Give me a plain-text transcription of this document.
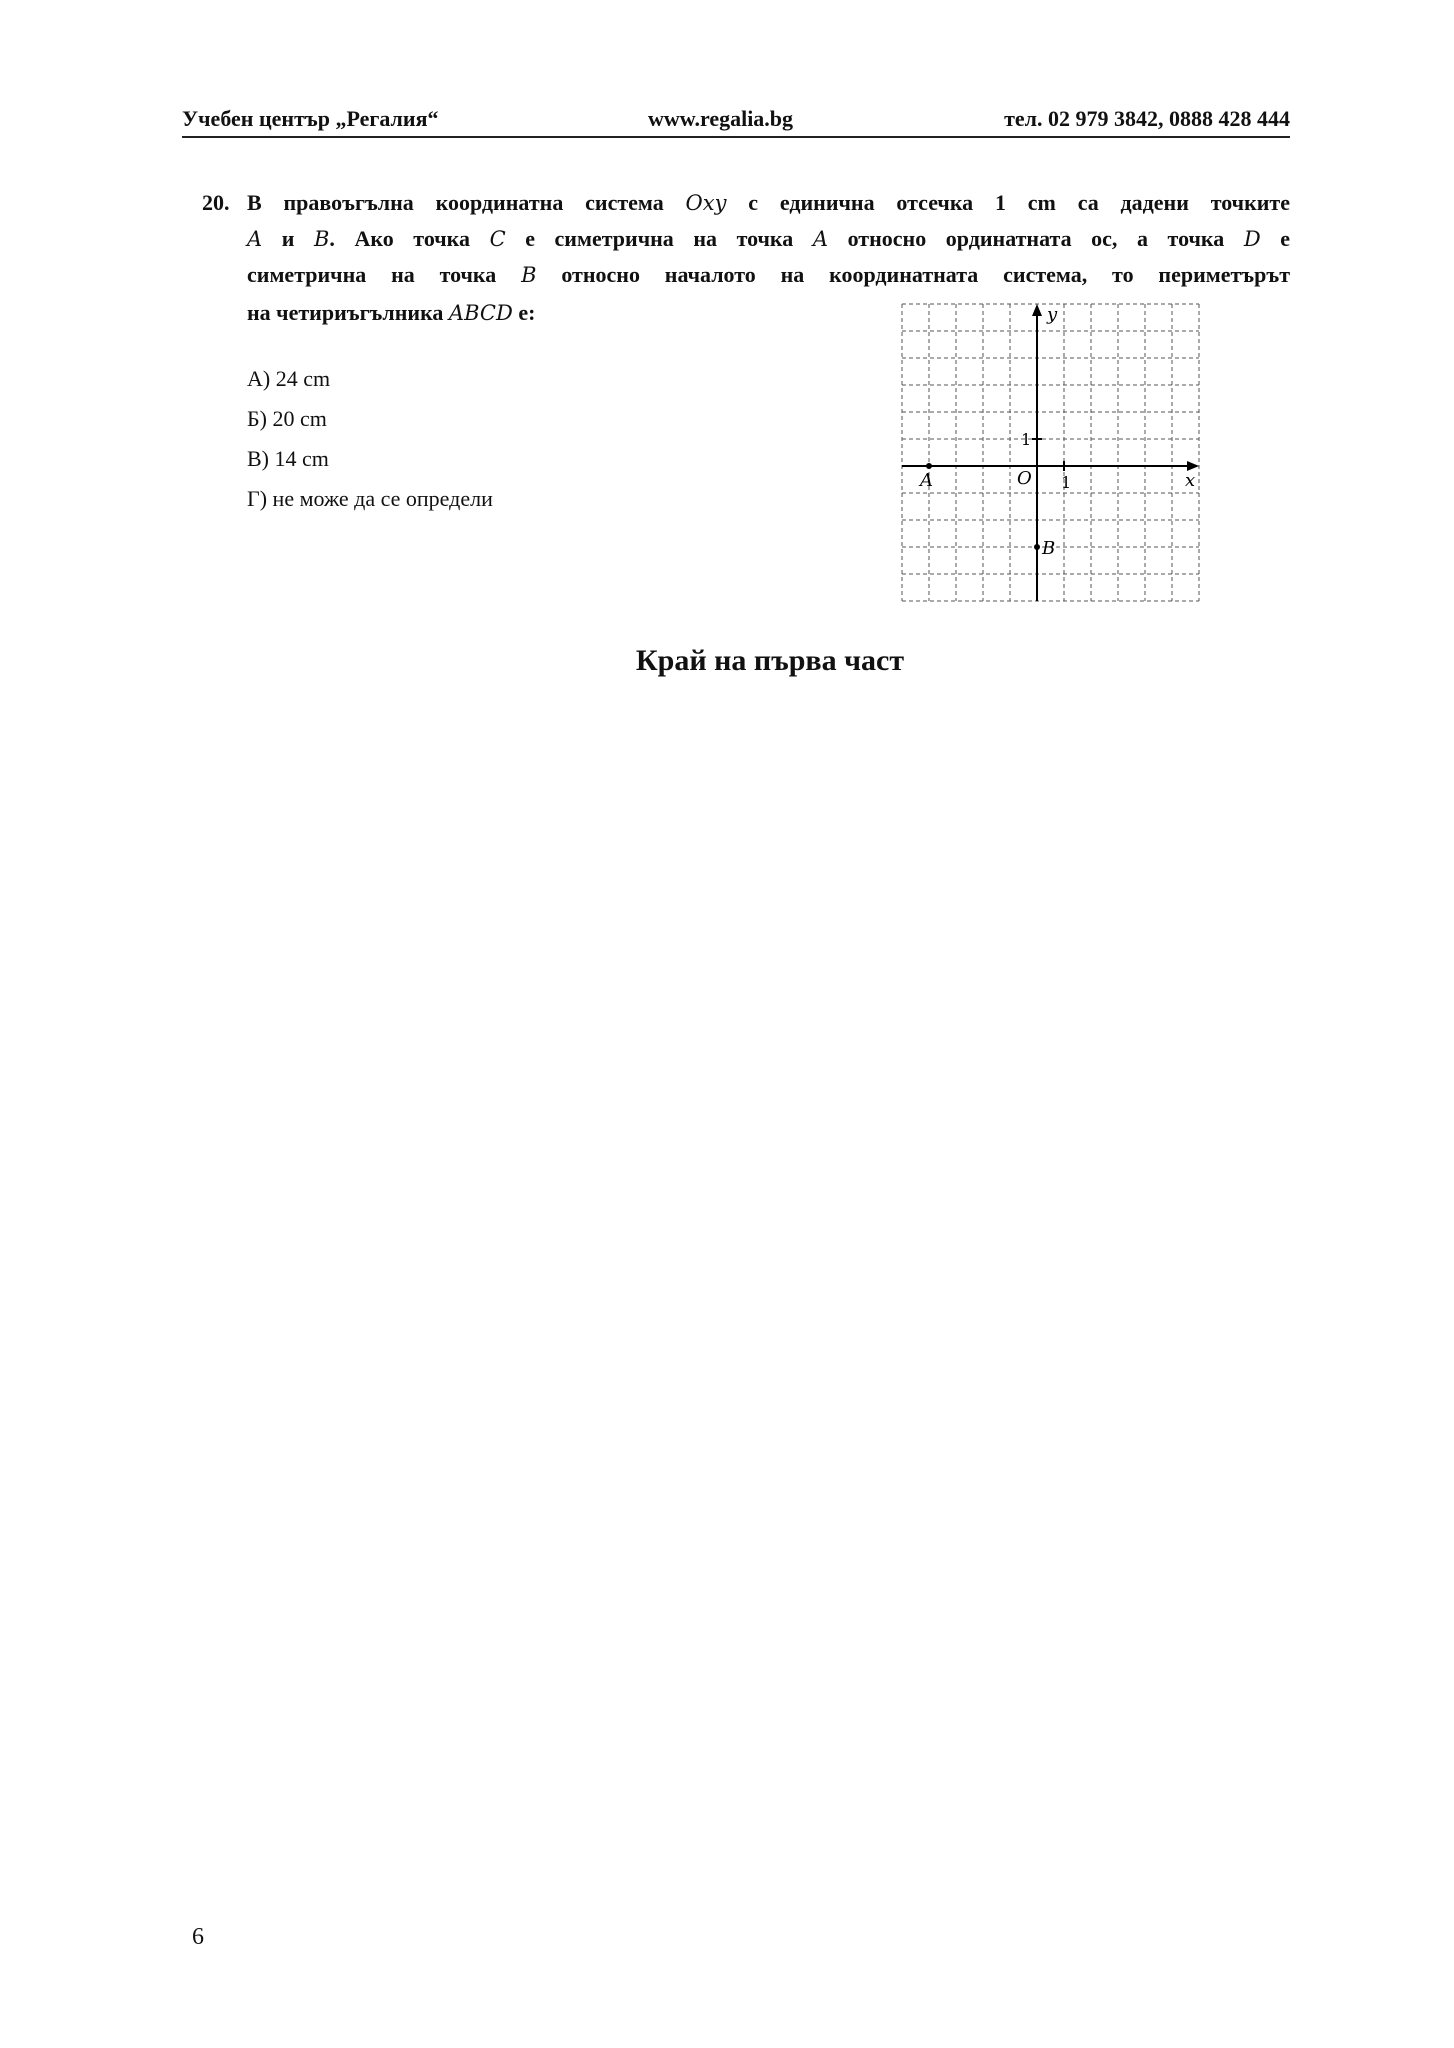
Учебен център „Регалия“	www.regalia.bg	тел. 02 979 3842, 0888 428 444
20. В правоъгълна координатна система Oxy с единична отсечка 1 cm са дадени точките
A и B. Ако точка C е симетрична на точка A относно ординатната ос, а точка D е
симетрична на точка B относно началото на координатната система, то периметърът
на четириъгълника ABCD е:
А) 24 cm
Б) 20 cm
В) 14 cm
Г) не може да се определи
y
x
O 1
1
A
B
Край на първа част
6
